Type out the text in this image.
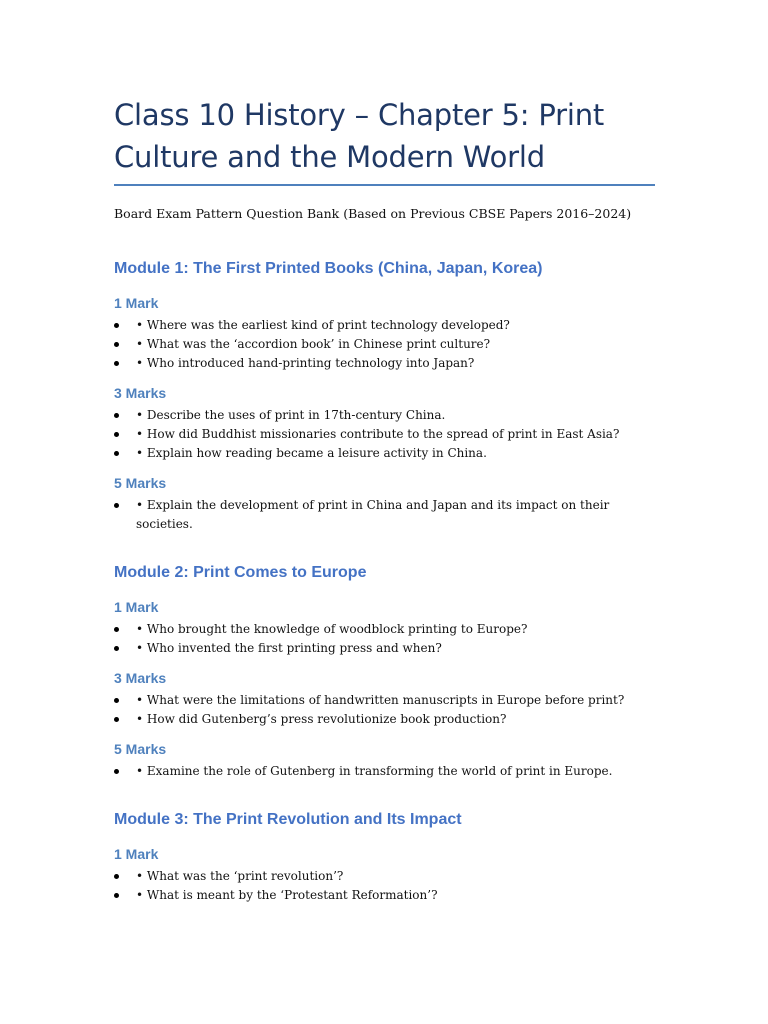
Class 10 History – Chapter 5: Print Culture and the Modern World

Board Exam Pattern Question Bank (Based on Previous CBSE Papers 2016–2024)

Module 1: The First Printed Books (China, Japan, Korea)
1 Mark
• Where was the earliest kind of print technology developed?
• What was the ‘accordion book’ in Chinese print culture?
• Who introduced hand-printing technology into Japan?
3 Marks
• Describe the uses of print in 17th-century China.
• How did Buddhist missionaries contribute to the spread of print in East Asia?
• Explain how reading became a leisure activity in China.
5 Marks
• Explain the development of print in China and Japan and its impact on their societies.
Module 2: Print Comes to Europe
1 Mark
• Who brought the knowledge of woodblock printing to Europe?
• Who invented the first printing press and when?
3 Marks
• What were the limitations of handwritten manuscripts in Europe before print?
• How did Gutenberg’s press revolutionize book production?
5 Marks
• Examine the role of Gutenberg in transforming the world of print in Europe.
Module 3: The Print Revolution and Its Impact
1 Mark
• What was the ‘print revolution’?
• What is meant by the ‘Protestant Reformation’?
